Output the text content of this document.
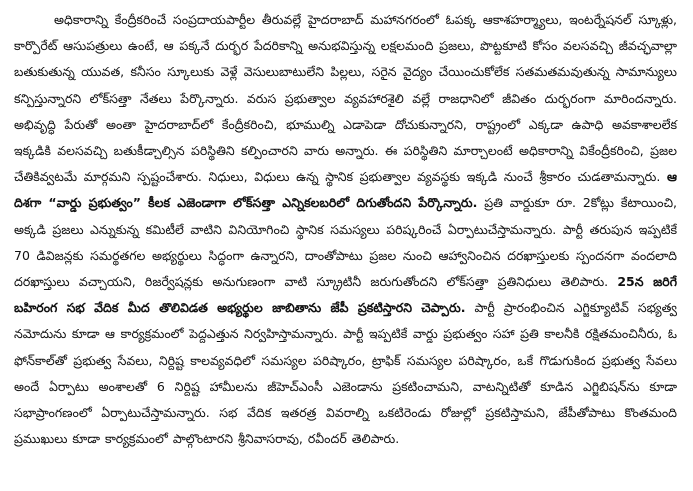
అధికారాన్ని కేంద్రీకరించే సంప్రదాయపార్టీల తీరువల్లే హైదరాబాద్ మహానగరంలో ఓపక్క ఆకాశహర్మ్యాలు, ఇంటర్నేషనల్ స్కూళ్లు, కార్పొరేట్ ఆసుపత్రులు ఉంటే, ఆ పక్కనే దుర్భర పేదరికాన్ని అనుభవిస్తున్న లక్షలమంది ప్రజలు, పొట్టకూటి కోసం వలసవచ్చి జీవచ్ఛవాల్లా బతుకుతున్న యువత, కనీసం స్కూలుకు వెళ్లే వెసులుబాటులేని పిల్లలు, సరైన వైద్యం చేయించుకోలేక సతమతమవుతున్న సామాన్యులు కన్పిస్తున్నారని లోక్‌సత్తా నేతలు పేర్కొన్నారు. వరుస ప్రభుత్వాల వ్యవహారశైలి వల్లే రాజధానిలో జీవితం దుర్భరంగా మారిందన్నారు. అభివృద్ధి పేరుతో అంతా హైదరాబాద్‌లో కేంద్రీకరించి, భూముల్ని ఎడాపెడా దోచుకున్నారని, రాష్ట్రంలో ఎక్కడా ఉపాధి అవకాశాలలేక ఇక్కడికి వలసవచ్చి బతుకీడ్చాల్సిన పరిస్థితిని కల్పించారని వారు అన్నారు. ఈ పరిస్థితిని మార్చాలంటే అధికారాన్ని వికేంద్రీకరించి, ప్రజల చేతికివ్వటమే మార్గమని స్పష్టంచేశారు. నిధులు, విధులు ఉన్న స్థానిక ప్రభుత్వాల వ్యవస్థకు ఇక్కడి నుంచే శ్రీకారం చుడతామన్నారు. ఆ దిశగా “వార్డు ప్రభుత్వం” కీలక ఎజెండాగా లోక్‌సత్తా ఎన్నికలబరిలో దిగుతోందని పేర్కొన్నారు. ప్రతి వార్డుకూ రూ. 2కోట్లు కేటాయించి, అక్కడి ప్రజలు ఎన్నుకున్న కమిటీలే వాటిని వినియోగించి స్థానిక సమస్యలు పరిష్కరించే ఏర్పాటుచేస్తామన్నారు. పార్టీ తరుపున ఇప్పటికే 70 డివిజన్లకు సమర్థతగల అభ్యర్థులు సిద్ధంగా ఉన్నారని, దాంతోపాటు ప్రజల నుంచి ఆహ్వానించిన దరఖాస్తులకు స్పందనగా వందలాది దరఖాస్తులు వచ్చాయని, రిజర్వేషన్లకు అనుగుణంగా వాటి స్క్రూటినీ జరుగుతోందని లోక్‌సత్తా ప్రతినిధులు తెలిపారు. 25న జరిగే బహిరంగ సభ వేదిక మీద తొలివిడత అభ్యర్థుల జాబితాను జేపీ ప్రకటిస్తారని చెప్పారు. పార్టీ ప్రారంభించిన ఎగ్జిక్యూటివ్ సభ్యత్వ నమోదును కూడా ఆ కార్యక్రమంలో పెద్దఎత్తున నిర్వహిస్తామన్నారు. పార్టీ ఇప్పటికే వార్డు ప్రభుత్వం సహా ప్రతి కాలనీకి రక్షితమంచినీరు, ఓ ఫోన్‌కాల్‌తో ప్రభుత్వ సేవలు, నిర్దిష్ట కాలవ్యవధిలో సమస్యల పరిష్కారం, ట్రాఫిక్ సమస్యల పరిష్కారం, ఒకే గొడుగుకింద ప్రభుత్వ సేవలు అందే ఏర్పాటు అంశాలతో 6 నిర్దిష్ట హామీలను జీహెచ్‌ఎంసీ ఎజెండాను ప్రకటించామని, వాటన్నిటితో కూడిన ఎగ్జిబిషన్‌ను కూడా సభాప్రాంగణంలో ఏర్పాటుచేస్తామన్నారు. సభ వేదిక ఇతరత్ర వివరాల్ని ఒకటిరెండు రోజుల్లో ప్రకటిస్తామని, జేపీతోపాటు కొంతమంది ప్రముఖులు కూడా కార్యక్రమంలో పాల్గొంటారని శ్రీనివాసరావు, రవీందర్ తెలిపారు.
